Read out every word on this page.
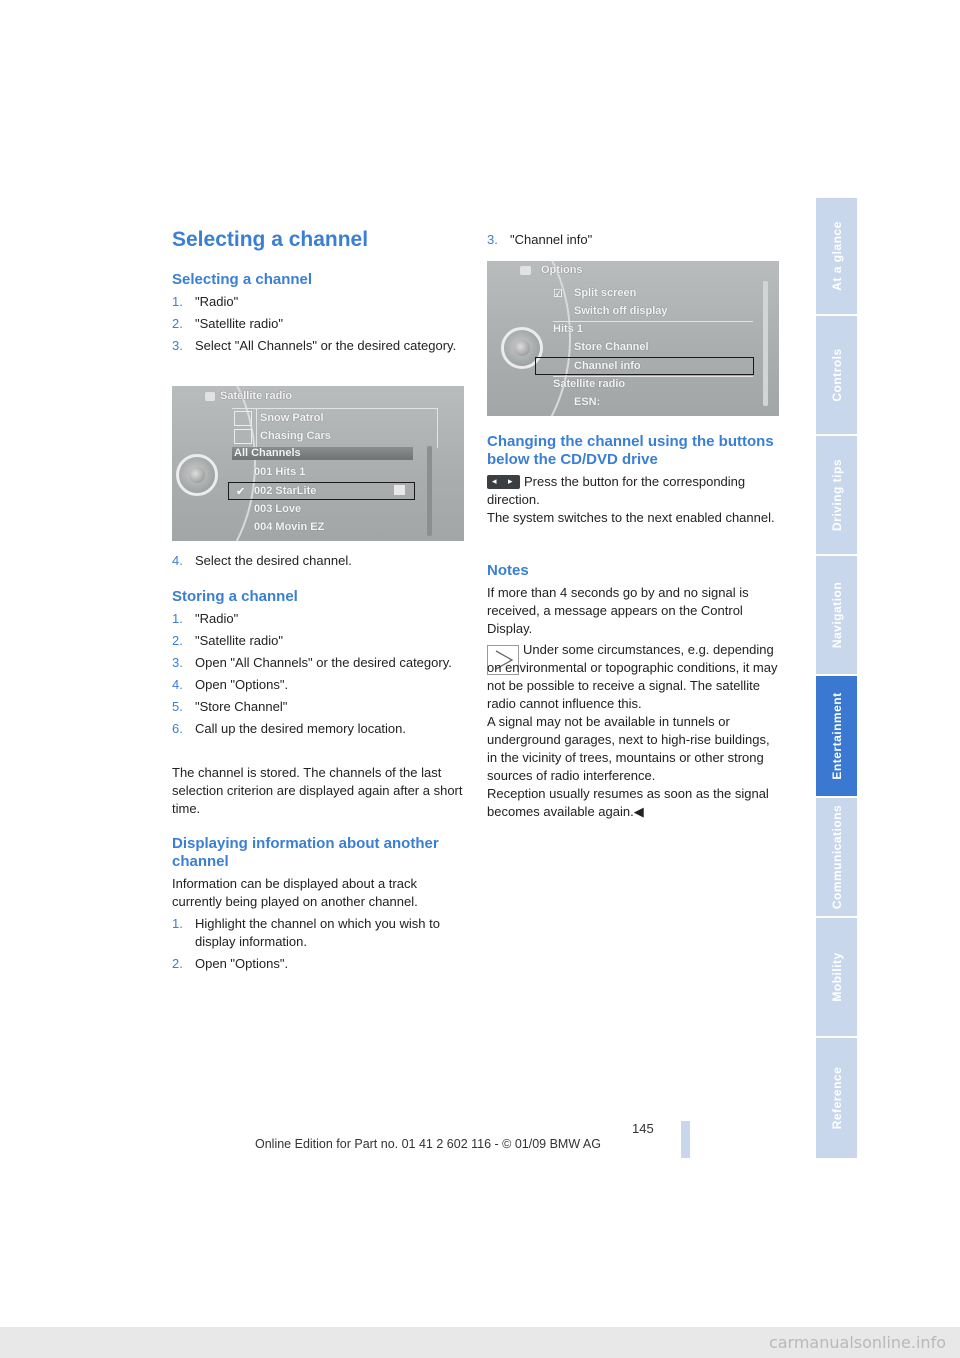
Selecting a channel
Selecting a channel
1. "Radio"
2. "Satellite radio"
3. Select "All Channels" or the desired category.
Satellite radio
Snow Patrol
Chasing Cars
All Channels
001 Hits 1
✔ 002 StarLite
003 Love
004 Movin EZ
4. Select the desired channel.
Storing a channel
1. "Radio"
2. "Satellite radio"
3. Open "All Channels" or the desired category.
4. Open "Options".
5. "Store Channel"
6. Call up the desired memory location.

The channel is stored. The channels of the last selection criterion are displayed again after a short time.

Displaying information about another channel

Information can be displayed about a track currently being played on another channel.

1. Highlight the channel on which you wish to display information.
2. Open "Options".
3. "Channel info"
Options
☑ Split screen
Switch off display
Hits 1
Store Channel
Channel info
Satellite radio
ESN:
Changing the channel using the buttons below the CD/DVD drive
◂ ▸ Press the button for the corresponding direction.

The system switches to the next enabled channel.

Notes

If more than 4 seconds go by and no signal is received, a message appears on the Control Display.

Under some circumstances, e.g. depending on environmental or topographic conditions, it may not be possible to receive a signal. The satellite radio cannot influence this.

A signal may not be available in tunnels or underground garages, next to high-rise buildings, in the vicinity of trees, mountains or other strong sources of radio interference.

Reception usually resumes as soon as the signal becomes available again.◀

At a glance
Controls
Driving tips
Navigation
Entertainment
Communications
Mobility
Reference
145
Online Edition for Part no. 01 41 2 602 116 - © 01/09 BMW AG
carmanualsonline.info
